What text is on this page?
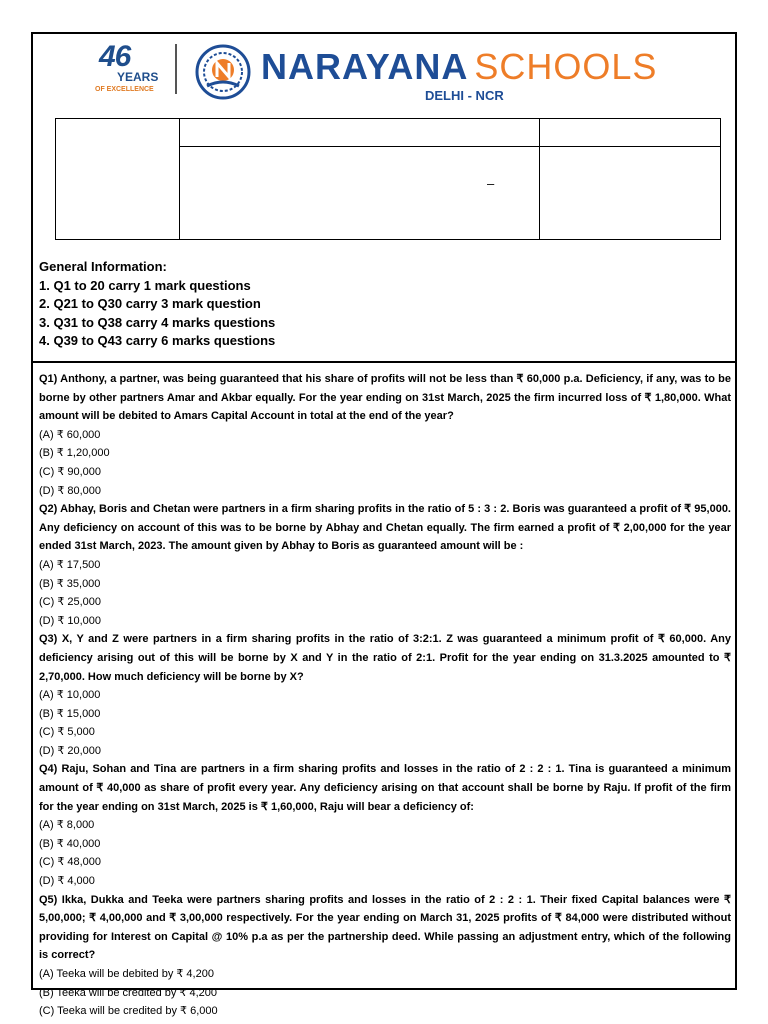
46
YEARS
OF EXCELLENCE
NARAYANA SCHOOLS
DELHI - NCR

–
General Information:
1. Q1 to 20 carry 1 mark questions
2. Q21 to Q30 carry 3 mark question
3. Q31 to Q38 carry 4 marks questions
4. Q39 to Q43 carry 6 marks questions
Q1) Anthony, a partner, was being guaranteed that his share of profits will not be less than ₹ 60,000 p.a. Deficiency, if any, was to be borne by other partners Amar and Akbar equally. For the year ending on 31st March, 2025 the firm incurred loss of ₹ 1,80,000. What amount will be debited to Amars Capital Account in total at the end of the year?
(A) ₹ 60,000
(B) ₹ 1,20,000
(C) ₹ 90,000
(D) ₹ 80,000
Q2) Abhay, Boris and Chetan were partners in a firm sharing profits in the ratio of 5 : 3 : 2. Boris was guaranteed a profit of ₹ 95,000. Any deficiency on account of this was to be borne by Abhay and Chetan equally. The firm earned a profit of ₹ 2,00,000 for the year ended 31st March, 2023. The amount given by Abhay to Boris as guaranteed amount will be :
(A) ₹ 17,500
(B) ₹ 35,000
(C) ₹ 25,000
(D) ₹ 10,000
Q3) X, Y and Z were partners in a firm sharing profits in the ratio of 3:2:1. Z was guaranteed a minimum profit of ₹ 60,000. Any deficiency arising out of this will be borne by X and Y in the ratio of 2:1. Profit for the year ending on 31.3.2025 amounted to ₹ 2,70,000. How much deficiency will be borne by X?
(A) ₹ 10,000
(B) ₹ 15,000
(C) ₹ 5,000
(D) ₹ 20,000
Q4) Raju, Sohan and Tina are partners in a firm sharing profits and losses in the ratio of 2 : 2 : 1. Tina is guaranteed a minimum amount of ₹ 40,000 as share of profit every year. Any deficiency arising on that account shall be borne by Raju. If profit of the firm for the year ending on 31st March, 2025 is ₹ 1,60,000, Raju will bear a deficiency of:
(A) ₹ 8,000
(B) ₹ 40,000
(C) ₹ 48,000
(D) ₹ 4,000
Q5) Ikka, Dukka and Teeka were partners sharing profits and losses in the ratio of 2 : 2 : 1. Their fixed Capital balances were ₹ 5,00,000; ₹ 4,00,000 and ₹ 3,00,000 respectively. For the year ending on March 31, 2025 profits of ₹ 84,000 were distributed without providing for Interest on Capital @ 10% p.a as per the partnership deed. While passing an adjustment entry, which of the following is correct?
(A) Teeka will be debited by ₹ 4,200
(B) Teeka will be credited by ₹ 4,200
(C) Teeka will be credited by ₹ 6,000
